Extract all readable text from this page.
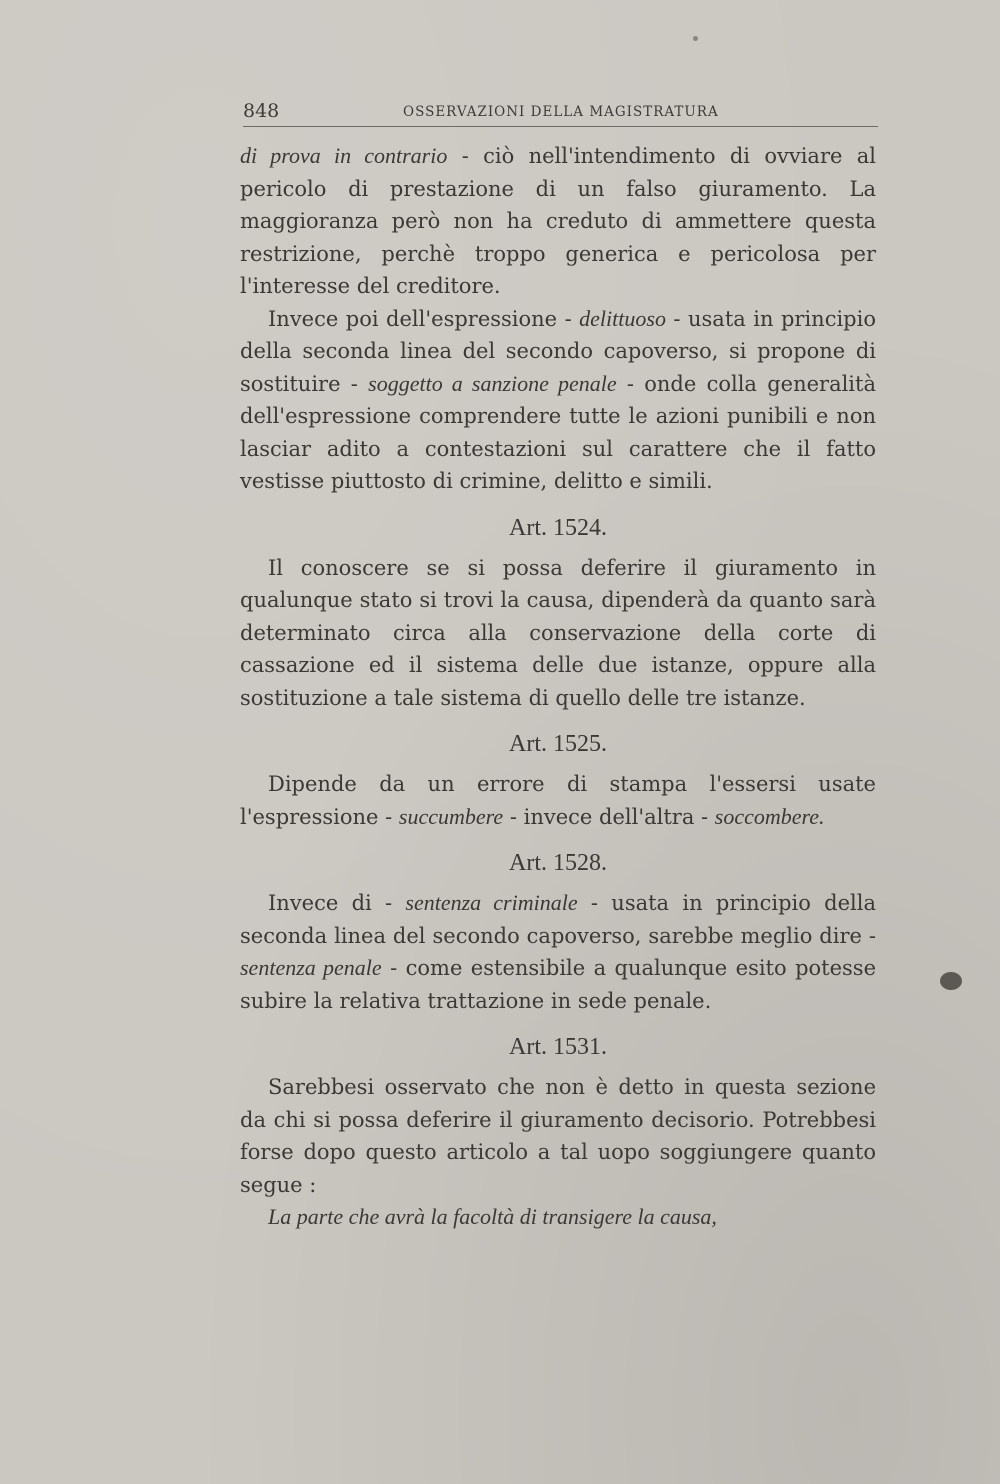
848	OSSERVAZIONI DELLA MAGISTRATURA

di prova in contrario - ciò nell'intendimento di ovviare al pericolo di prestazione di un falso giuramento. La maggioranza però non ha creduto di ammettere questa restrizione, perchè troppo generica e pericolosa per l'interesse del creditore.

Invece poi dell'espressione - delittuoso - usata in principio della seconda linea del secondo capoverso, si propone di sostituire - soggetto a sanzione penale - onde colla generalità dell'espressione comprendere tutte le azioni punibili e non lasciar adito a contestazioni sul carattere che il fatto vestisse piuttosto di crimine, delitto e simili.

Art. 1524.

Il conoscere se si possa deferire il giuramento in qualunque stato si trovi la causa, dipenderà da quanto sarà determinato circa alla conservazione della corte di cassazione ed il sistema delle due istanze, oppure alla sostituzione a tale sistema di quello delle tre istanze.

Art. 1525.

Dipende da un errore di stampa l'essersi usate l'espressione - succumbere - invece dell'altra - soccombere.

Art. 1528.

Invece di - sentenza criminale - usata in principio della seconda linea del secondo capoverso, sarebbe meglio dire - sentenza penale - come estensibile a qualunque esito potesse subire la relativa trattazione in sede penale.

Art. 1531.

Sarebbesi osservato che non è detto in questa sezione da chi si possa deferire il giuramento decisorio. Potrebbesi forse dopo questo articolo a tal uopo soggiungere quanto segue :

La parte che avrà la facoltà di transigere la causa,
